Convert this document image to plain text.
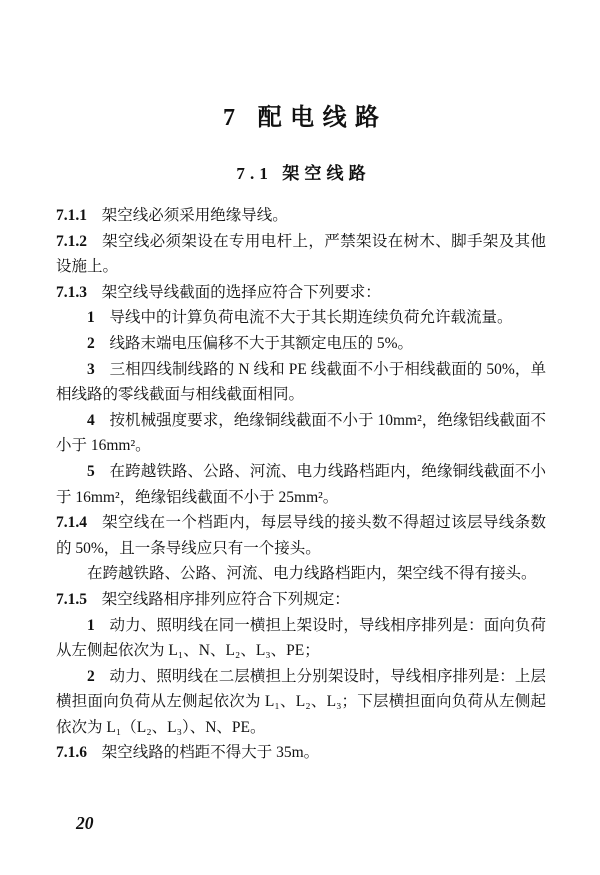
7 配电线路
7.1 架空线路

7.1.1 架空线必须采用绝缘导线。

7.1.2 架空线必须架设在专用电杆上，严禁架设在树木、脚手架及其他设施上。

7.1.3 架空线导线截面的选择应符合下列要求：

1 导线中的计算负荷电流不大于其长期连续负荷允许载流量。

2 线路末端电压偏移不大于其额定电压的 5%。

3 三相四线制线路的 N 线和 PE 线截面不小于相线截面的 50%，单相线路的零线截面与相线截面相同。

4 按机械强度要求，绝缘铜线截面不小于 10mm²，绝缘铝线截面不小于 16mm²。

5 在跨越铁路、公路、河流、电力线路档距内，绝缘铜线截面不小于 16mm²，绝缘铝线截面不小于 25mm²。

7.1.4 架空线在一个档距内，每层导线的接头数不得超过该层导线条数的 50%，且一条导线应只有一个接头。

在跨越铁路、公路、河流、电力线路档距内，架空线不得有接头。

7.1.5 架空线路相序排列应符合下列规定：

1 动力、照明线在同一横担上架设时，导线相序排列是：面向负荷从左侧起依次为 L₁、N、L₂、L₃、PE；

2 动力、照明线在二层横担上分别架设时，导线相序排列是：上层横担面向负荷从左侧起依次为 L₁、L₂、L₃；下层横担面向负荷从左侧起依次为 L₁（L₂、L₃）、N、PE。

7.1.6 架空线路的档距不得大于 35m。

20
